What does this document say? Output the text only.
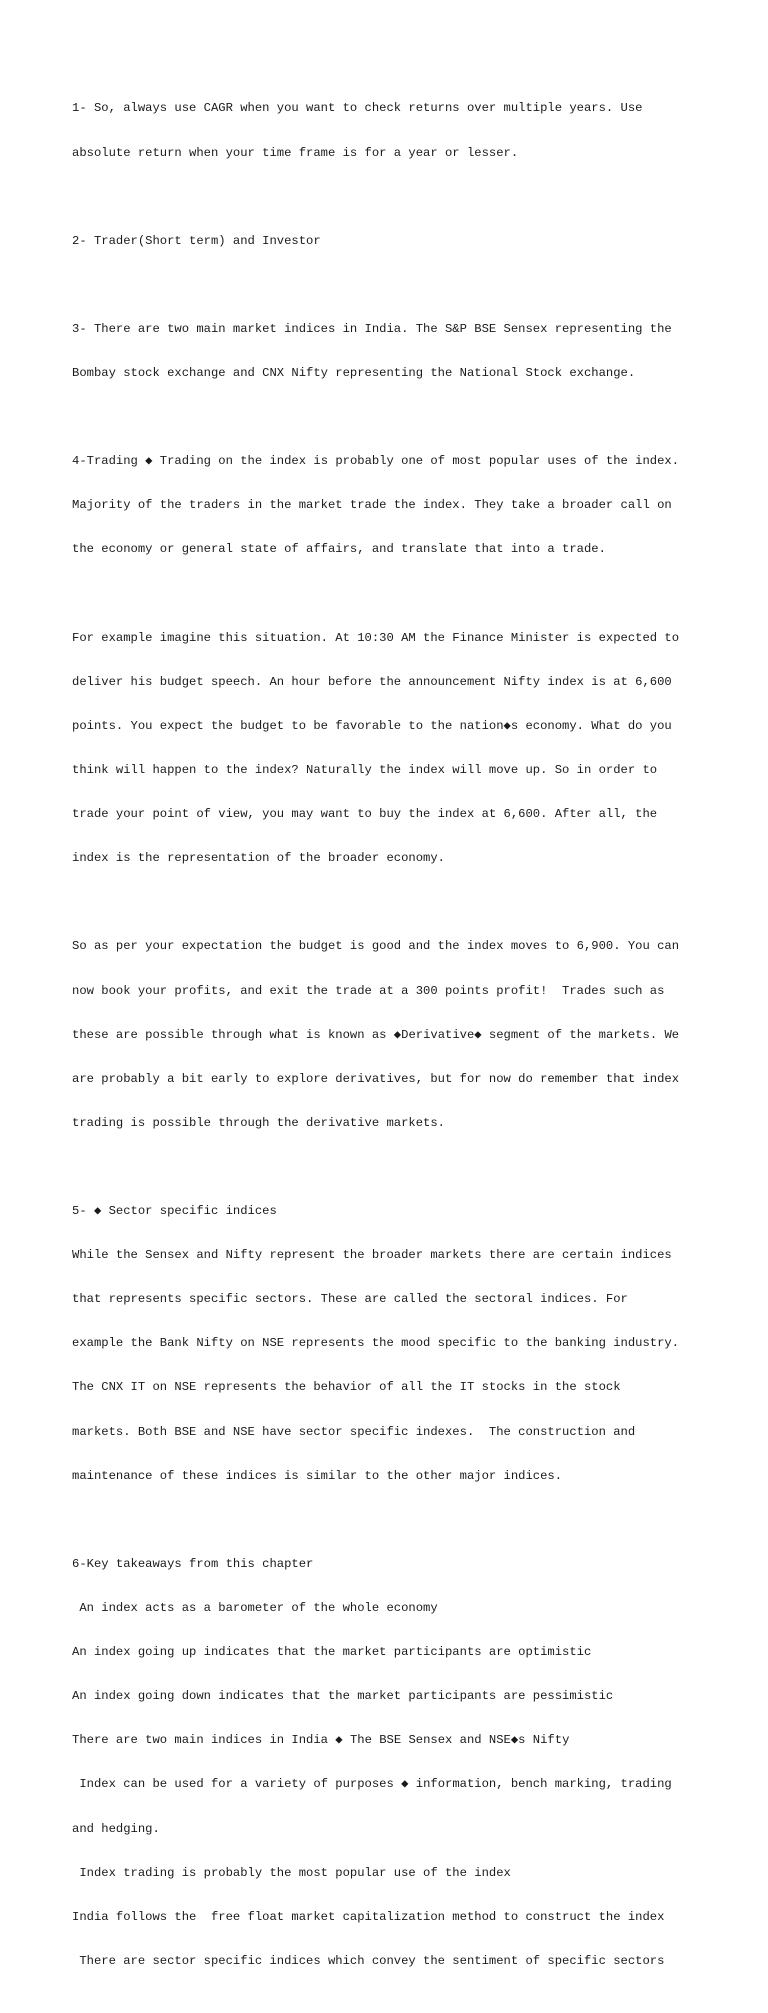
1- So, always use CAGR when you want to check returns over multiple years. Use

absolute return when your time frame is for a year or lesser.

2- Trader(Short term) and Investor

3- There are two main market indices in India. The S&P BSE Sensex representing the

Bombay stock exchange and CNX Nifty representing the National Stock exchange.

4-Trading ◆ Trading on the index is probably one of most popular uses of the index.

Majority of the traders in the market trade the index. They take a broader call on

the economy or general state of affairs, and translate that into a trade.

For example imagine this situation. At 10:30 AM the Finance Minister is expected to

deliver his budget speech. An hour before the announcement Nifty index is at 6,600

points. You expect the budget to be favorable to the nation◆s economy. What do you

think will happen to the index? Naturally the index will move up. So in order to

trade your point of view, you may want to buy the index at 6,600. After all, the

index is the representation of the broader economy.

So as per your expectation the budget is good and the index moves to 6,900. You can

now book your profits, and exit the trade at a 300 points profit!  Trades such as

these are possible through what is known as ◆Derivative◆ segment of the markets. We

are probably a bit early to explore derivatives, but for now do remember that index

trading is possible through the derivative markets.

5- ◆ Sector specific indices

While the Sensex and Nifty represent the broader markets there are certain indices

that represents specific sectors. These are called the sectoral indices. For

example the Bank Nifty on NSE represents the mood specific to the banking industry.

The CNX IT on NSE represents the behavior of all the IT stocks in the stock

markets. Both BSE and NSE have sector specific indexes.  The construction and

maintenance of these indices is similar to the other major indices.

6-Key takeaways from this chapter

An index acts as a barometer of the whole economy

An index going up indicates that the market participants are optimistic

An index going down indicates that the market participants are pessimistic

There are two main indices in India ◆ The BSE Sensex and NSE◆s Nifty

Index can be used for a variety of purposes ◆ information, bench marking, trading

and hedging.

Index trading is probably the most popular use of the index

India follows the  free float market capitalization method to construct the index

There are sector specific indices which convey the sentiment of specific sectors
